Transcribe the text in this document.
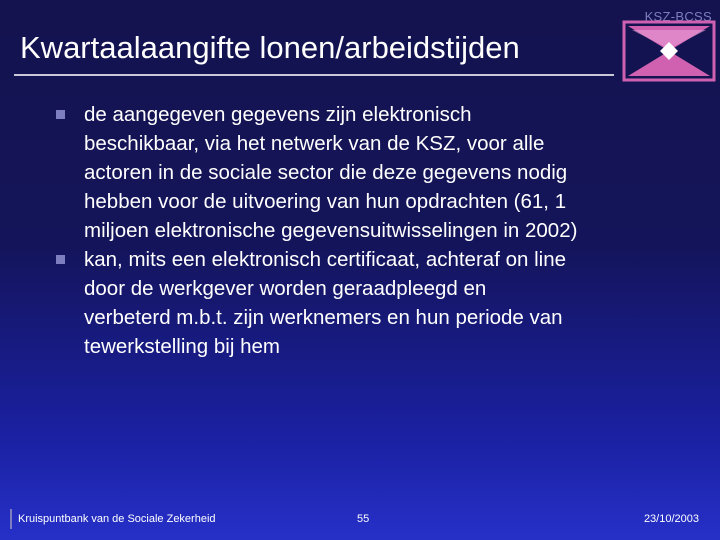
KSZ-BCSS
Kwartaalaangifte lonen/arbeidstijden
de aangegeven gegevens zijn elektronisch
beschikbaar, via het netwerk van de KSZ, voor alle
actoren in de sociale sector die deze gegevens nodig
hebben voor de uitvoering van hun opdrachten (61, 1
miljoen elektronische gegevensuitwisselingen in 2002)
kan, mits een elektronisch certificaat, achteraf on line
door de werkgever worden geraadpleegd en
verbeterd m.b.t. zijn werknemers en hun periode van
tewerkstelling bij hem
Kruispuntbank van de Sociale Zekerheid	55	23/10/2003
